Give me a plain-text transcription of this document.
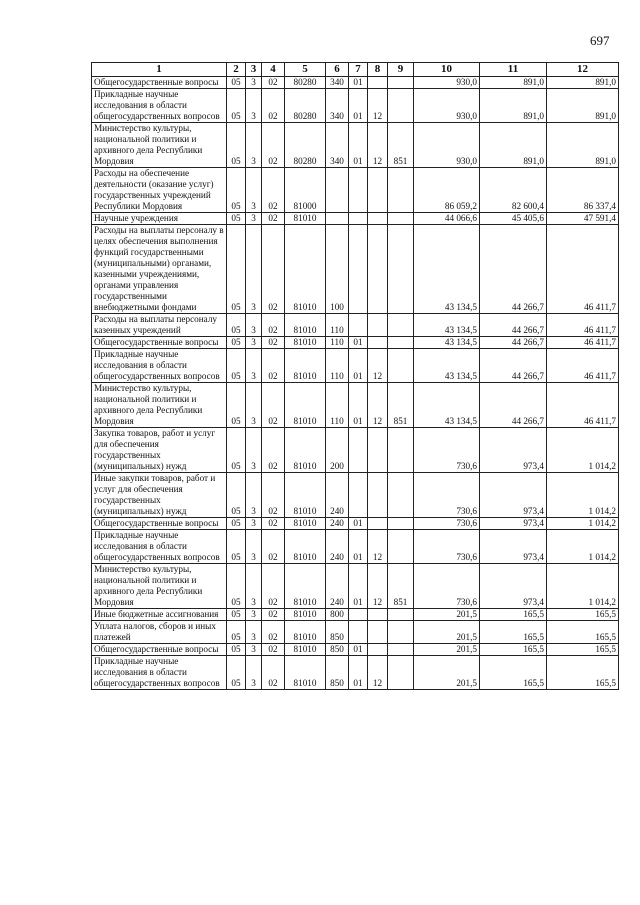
697
1	2	3	4	5	6	7	8	9	10	11	12
Общегосударственные вопросы	05	3	02	80280	340	01			930,0	891,0	891,0
Прикладные научные исследования в области общегосударственных вопросов	05	3	02	80280	340	01	12		930,0	891,0	891,0
Министерство культуры, национальной политики и архивного дела Республики Мордовия	05	3	02	80280	340	01	12	851	930,0	891,0	891,0
Расходы на обеспечение деятельности (оказание услуг) государственных учреждений Республики Мордовия	05	3	02	81000					86 059,2	82 600,4	86 337,4
Научные учреждения	05	3	02	81010					44 066,6	45 405,6	47 591,4
Расходы на выплаты персоналу в целях обеспечения выполнения функций государственными (муниципальными) органами, казенными учреждениями, органами управления государственными внебюджетными фондами	05	3	02	81010	100				43 134,5	44 266,7	46 411,7
Расходы на выплаты персоналу казенных учреждений	05	3	02	81010	110				43 134,5	44 266,7	46 411,7
Общегосударственные вопросы	05	3	02	81010	110	01			43 134,5	44 266,7	46 411,7
Прикладные научные исследования в области общегосударственных вопросов	05	3	02	81010	110	01	12		43 134,5	44 266,7	46 411,7
Министерство культуры, национальной политики и архивного дела Республики Мордовия	05	3	02	81010	110	01	12	851	43 134,5	44 266,7	46 411,7
Закупка товаров, работ и услуг для обеспечения государственных (муниципальных) нужд	05	3	02	81010	200				730,6	973,4	1 014,2
Иные закупки товаров, работ и услуг для обеспечения государственных (муниципальных) нужд	05	3	02	81010	240				730,6	973,4	1 014,2
Общегосударственные вопросы	05	3	02	81010	240	01			730,6	973,4	1 014,2
Прикладные научные исследования в области общегосударственных вопросов	05	3	02	81010	240	01	12		730,6	973,4	1 014,2
Министерство культуры, национальной политики и архивного дела Республики Мордовия	05	3	02	81010	240	01	12	851	730,6	973,4	1 014,2
Иные бюджетные ассигнования	05	3	02	81010	800				201,5	165,5	165,5
Уплата налогов, сборов и иных платежей	05	3	02	81010	850				201,5	165,5	165,5
Общегосударственные вопросы	05	3	02	81010	850	01			201,5	165,5	165,5
Прикладные научные исследования в области общегосударственных вопросов	05	3	02	81010	850	01	12		201,5	165,5	165,5
